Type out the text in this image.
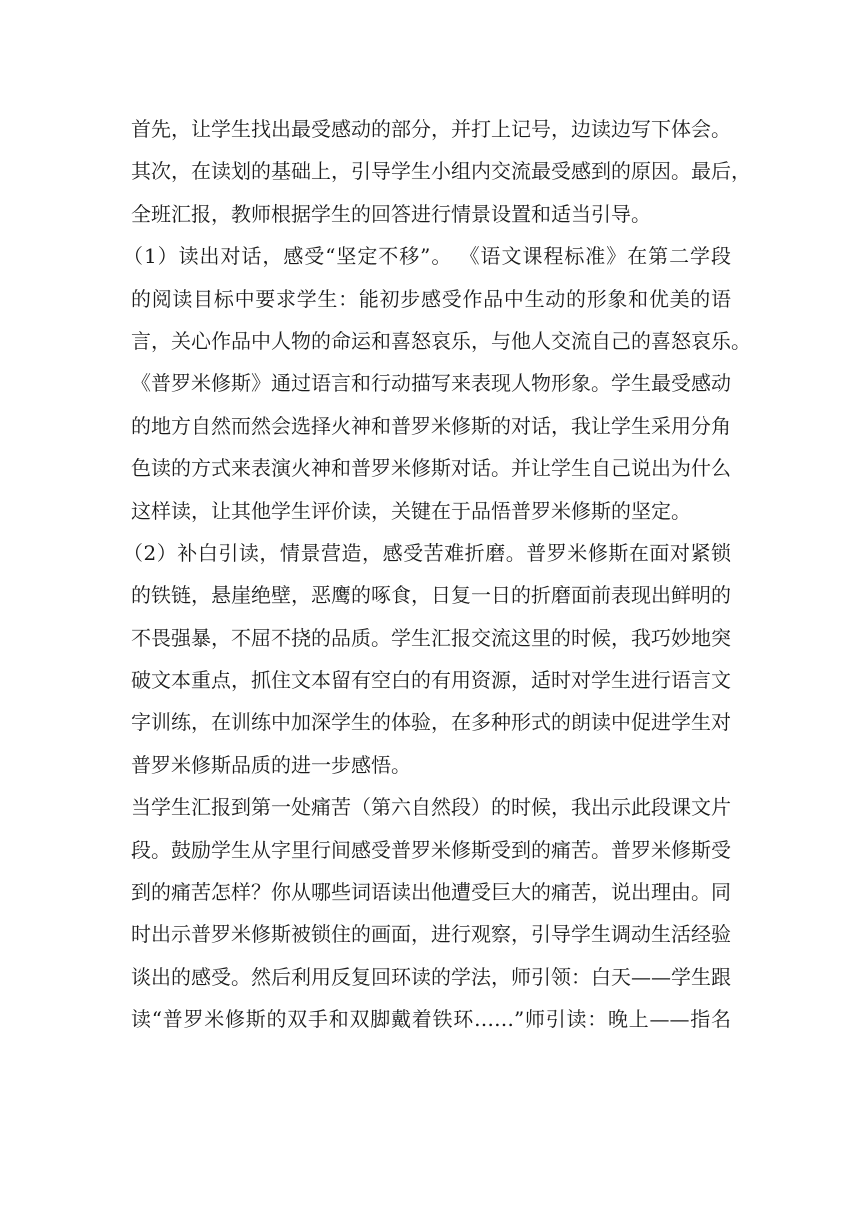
首先，让学生找出最受感动的部分，并打上记号，边读边写下体会。
其次，在读划的基础上，引导学生小组内交流最受感到的原因。最后，
全班汇报，教师根据学生的回答进行情景设置和适当引导。
（1）读出对话，感受“坚定不移”。 《语文课程标准》在第二学段
的阅读目标中要求学生：能初步感受作品中生动的形象和优美的语
言，关心作品中人物的命运和喜怒哀乐，与他人交流自己的喜怒哀乐。
《普罗米修斯》通过语言和行动描写来表现人物形象。学生最受感动
的地方自然而然会选择火神和普罗米修斯的对话，我让学生采用分角
色读的方式来表演火神和普罗米修斯对话。并让学生自己说出为什么
这样读，让其他学生评价读，关键在于品悟普罗米修斯的坚定。
（2）补白引读，情景营造，感受苦难折磨。普罗米修斯在面对紧锁
的铁链，悬崖绝壁，恶鹰的啄食，日复一日的折磨面前表现出鲜明的
不畏强暴，不屈不挠的品质。学生汇报交流这里的时候，我巧妙地突
破文本重点，抓住文本留有空白的有用资源，适时对学生进行语言文
字训练，在训练中加深学生的体验，在多种形式的朗读中促进学生对
普罗米修斯品质的进一步感悟。
当学生汇报到第一处痛苦（第六自然段）的时候，我出示此段课文片
段。鼓励学生从字里行间感受普罗米修斯受到的痛苦。普罗米修斯受
到的痛苦怎样？你从哪些词语读出他遭受巨大的痛苦，说出理由。同
时出示普罗米修斯被锁住的画面，进行观察，引导学生调动生活经验
谈出的感受。然后利用反复回环读的学法，师引领：白天——学生跟
读“普罗米修斯的双手和双脚戴着铁环……”师引读：晚上——指名
